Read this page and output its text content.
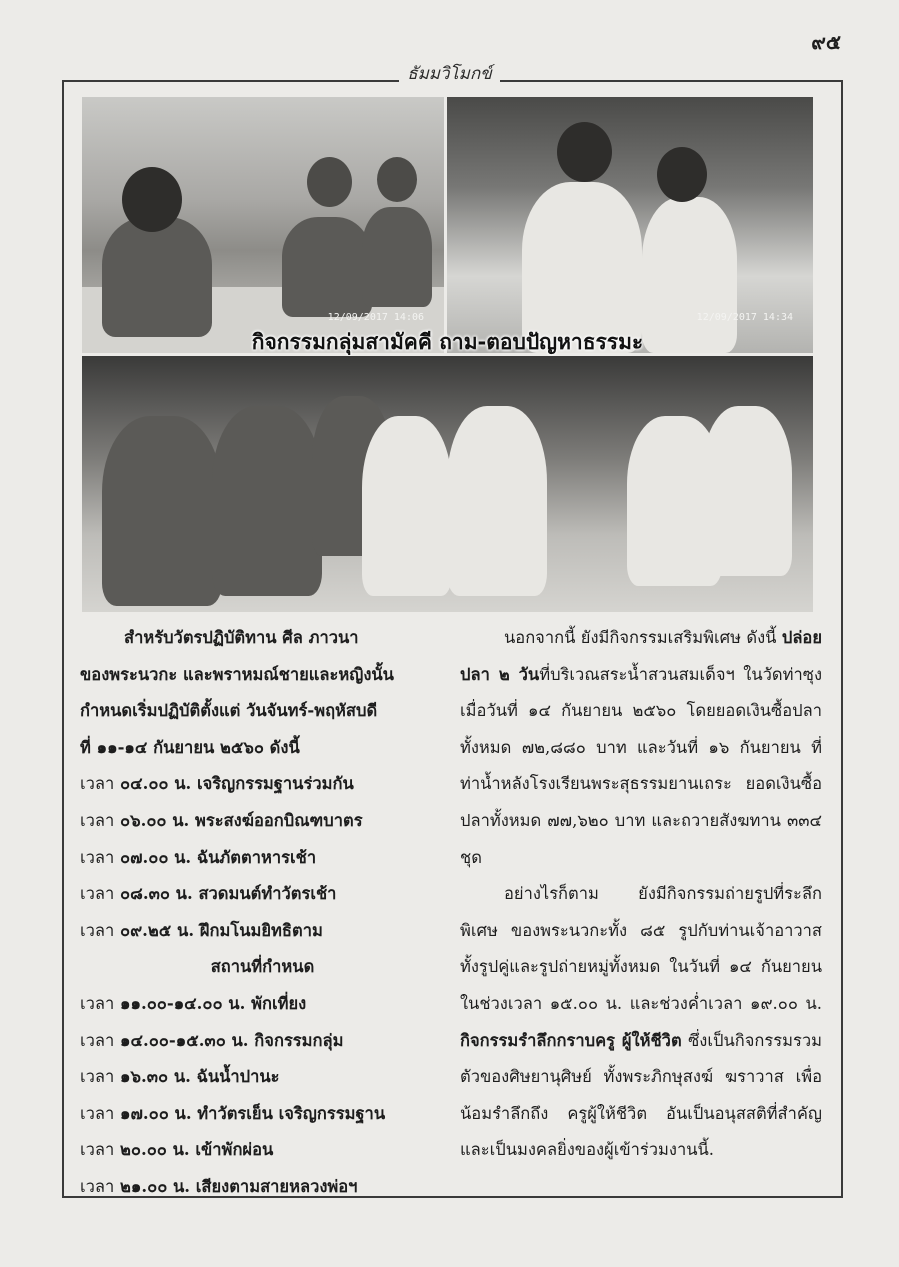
๙๕
ธัมมวิโมกข์
12/09/2017 14:06	12/09/2017 14:34
กิจกรรมกลุ่มสามัคคี ถาม-ตอบปัญหาธรรมะ

สำหรับวัตรปฏิบัติทาน ศีล ภาวนา

ของพระนวกะ และพราหมณ์ชายและหญิงนั้น

กำหนดเริ่มปฏิบัติตั้งแต่ วันจันทร์-พฤหัสบดี

ที่ ๑๑-๑๔ กันยายน ๒๕๖๐ ดังนี้

เวลา ๐๔.๐๐ น. เจริญกรรมฐานร่วมกัน

เวลา ๐๖.๐๐ น. พระสงฆ์ออกบิณฑบาตร

เวลา ๐๗.๐๐ น. ฉันภัตตาหารเช้า

เวลา ๐๘.๓๐ น. สวดมนต์ทำวัตรเช้า

เวลา ๐๙.๒๕ น. ฝึกมโนมยิทธิตาม

สถานที่กำหนด

เวลา ๑๑.๐๐-๑๔.๐๐ น. พักเที่ยง

เวลา ๑๔.๐๐-๑๕.๓๐ น. กิจกรรมกลุ่ม

เวลา ๑๖.๓๐ น. ฉันน้ำปานะ

เวลา ๑๗.๐๐ น. ทำวัตรเย็น เจริญกรรมฐาน

เวลา ๒๐.๐๐ น. เข้าพักผ่อน

เวลา ๒๑.๐๐ น. เสียงตามสายหลวงพ่อฯ

นอกจากนี้ ยังมีกิจกรรมเสริมพิเศษ ดังนี้ ปล่อยปลา ๒ วันที่บริเวณสระน้ำสวนสมเด็จฯ ในวัดท่าซุง เมื่อวันที่ ๑๔ กันยายน ๒๕๖๐ โดยยอดเงินซื้อปลาทั้งหมด ๗๒,๘๘๐ บาท และวันที่ ๑๖ กันยายน ที่ท่าน้ำหลังโรงเรียนพระสุธรรมยานเถระ ยอดเงินซื้อปลาทั้งหมด ๗๗,๖๒๐ บาท และถวายสังฆทาน ๓๓๔ ชุด

อย่างไรก็ตาม ยังมีกิจกรรมถ่ายรูปที่ระลึกพิเศษ ของพระนวกะทั้ง ๘๕ รูปกับท่านเจ้าอาวาส ทั้งรูปคู่และรูปถ่ายหมู่ทั้งหมด ในวันที่ ๑๔ กันยายนในช่วงเวลา ๑๕.๐๐ น. และช่วงค่ำเวลา ๑๙.๐๐ น. กิจกรรมรำลึกกราบครู ผู้ให้ชีวิต ซึ่งเป็นกิจกรรมรวมตัวของศิษยานุศิษย์ ทั้งพระภิกษุสงฆ์ ฆราวาส เพื่อน้อมรำลึกถึง ครูผู้ให้ชีวิต อันเป็นอนุสสติที่สำคัญและเป็นมงคลยิ่งของผู้เข้าร่วมงานนี้.
